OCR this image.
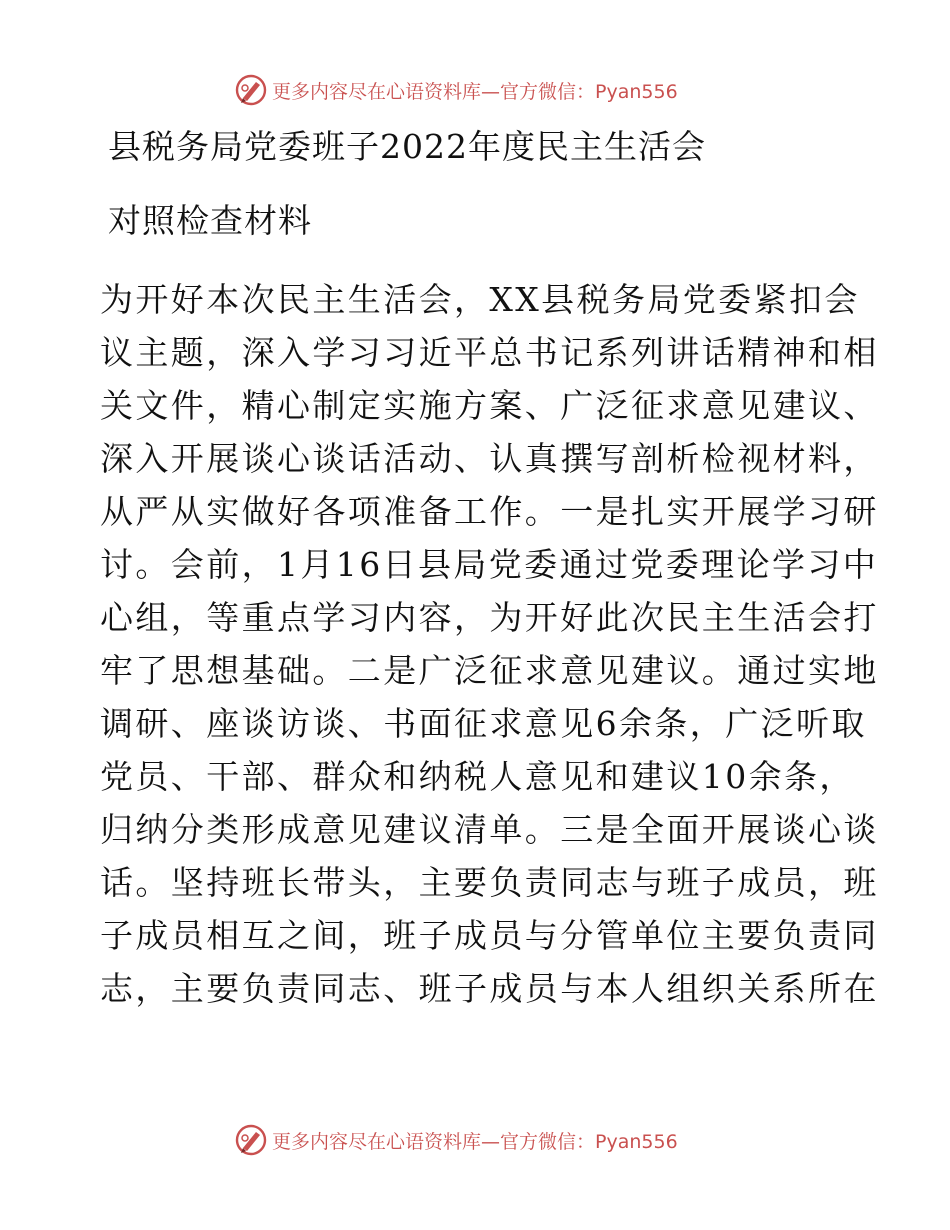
更多内容尽在心语资料库—官方微信：Pyan556
县税务局党委班子2022年度民主生活会
对照检查材料
为开好本次民主生活会，XX县税务局党委紧扣会
议主题，深入学习习近平总书记系列讲话精神和相
关文件，精心制定实施方案、广泛征求意见建议、
深入开展谈心谈话活动、认真撰写剖析检视材料，
从严从实做好各项准备工作。一是扎实开展学习研
讨。会前，1月16日县局党委通过党委理论学习中
心组，等重点学习内容，为开好此次民主生活会打
牢了思想基础。二是广泛征求意见建议。通过实地
调研、座谈访谈、书面征求意见6余条，广泛听取
党员、干部、群众和纳税人意见和建议10余条，
归纳分类形成意见建议清单。三是全面开展谈心谈
话。坚持班长带头，主要负责同志与班子成员，班
子成员相互之间，班子成员与分管单位主要负责同
志，主要负责同志、班子成员与本人组织关系所在
更多内容尽在心语资料库—官方微信：Pyan556
